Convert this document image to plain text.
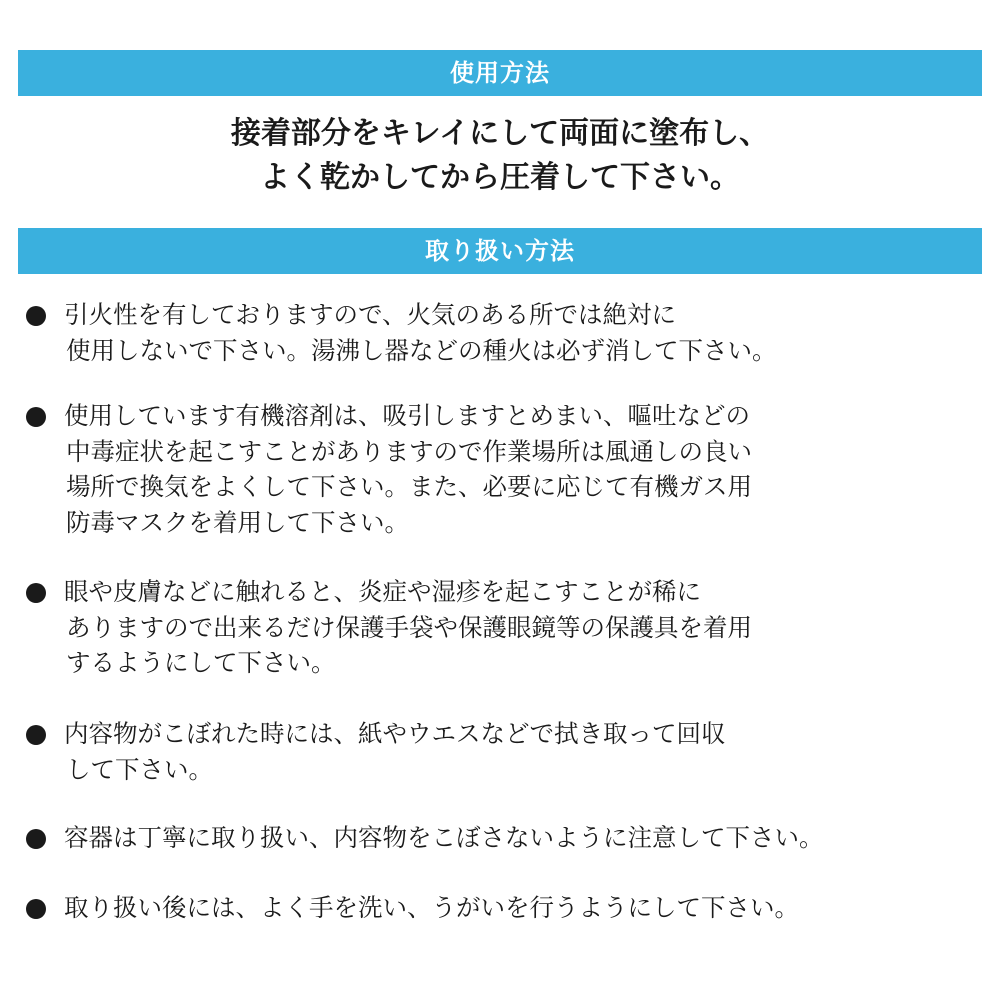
使用方法
接着部分をキレイにして両面に塗布し、
よく乾かしてから圧着して下さい。
取り扱い方法
引火性を有しておりますので、火気のある所では絶対に
使用しないで下さい。湯沸し器などの種火は必ず消して下さい。
使用しています有機溶剤は、吸引しますとめまい、嘔吐などの
中毒症状を起こすことがありますので作業場所は風通しの良い
場所で換気をよくして下さい。また、必要に応じて有機ガス用
防毒マスクを着用して下さい。
眼や皮膚などに触れると、炎症や湿疹を起こすことが稀に
ありますので出来るだけ保護手袋や保護眼鏡等の保護具を着用
するようにして下さい。
内容物がこぼれた時には、紙やウエスなどで拭き取って回収
して下さい。
容器は丁寧に取り扱い、内容物をこぼさないように注意して下さい。
取り扱い後には、よく手を洗い、うがいを行うようにして下さい。
